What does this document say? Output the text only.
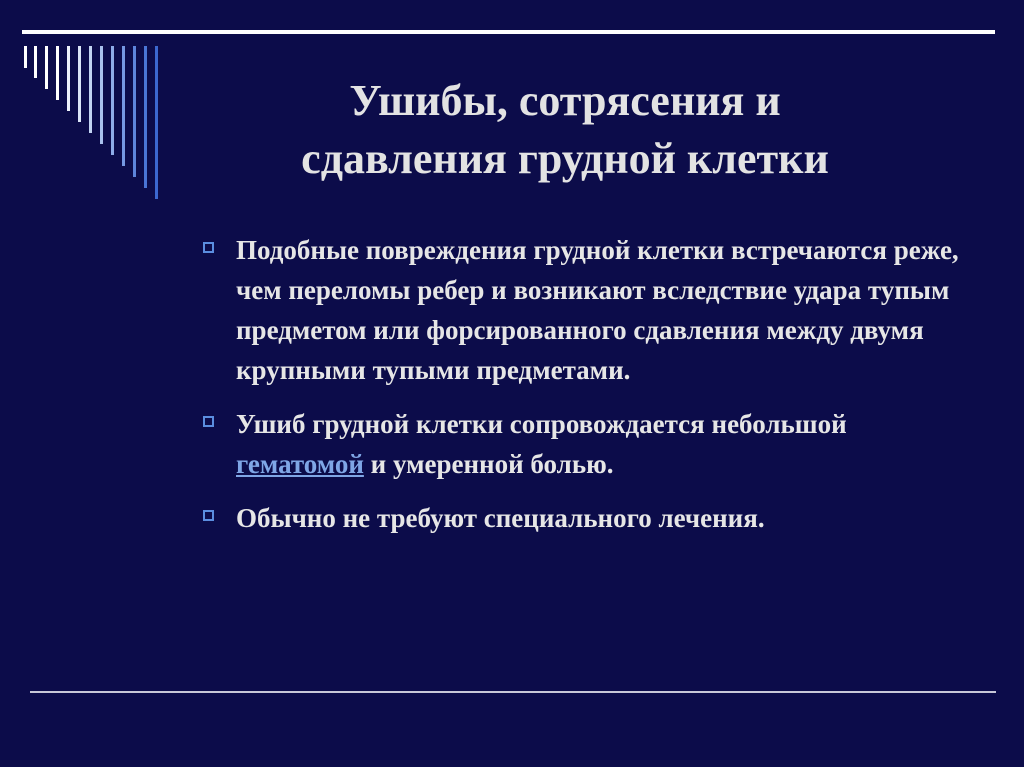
Ушибы, сотрясения и
сдавления грудной клетки
Подобные повреждения грудной клетки встречаются реже, чем переломы ребер и возникают вследствие удара тупым предметом или форсированного сдавления между двумя крупными тупыми предметами.
Ушиб грудной клетки сопровождается небольшой гематомой и умеренной болью.
Обычно не требуют специального лечения.
